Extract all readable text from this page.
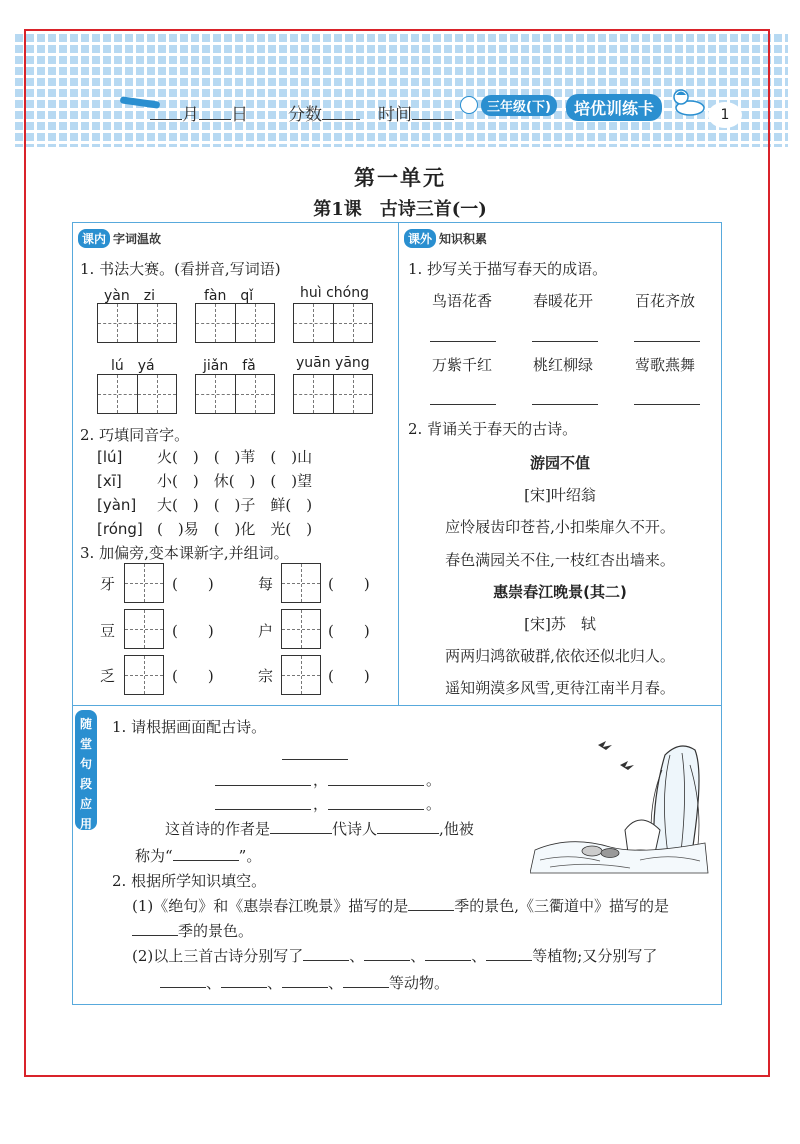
月 日 分数	时间	三年级(下)	培优训练卡	1
第一单元
第1课　古诗三首(一)
课内 字词温故
1. 书法大赛。(看拼音,写词语)
yàn　zi	fàn　qǐ	huì chóng
lú　yá	jiǎn　fǎ	yuān yāng
2. 巧填同音字。
[lú] 火(　)　(　)苇　(　)山
[xī] 小(　)　休(　)　(　)望
[yàn] 大(　)　(　)子　鲜(　)
[róng] (　)易　(　)化　光(　)
3. 加偏旁,变本课新字,并组词。
牙	(　　)	每	(　　)
豆	(　　)	户	(　　)
乏	(　　)	宗	(　　)
课外 知识积累
1. 抄写关于描写春天的成语。
鸟语花香	春暖花开	百花齐放
万紫千红	桃红柳绿	莺歌燕舞
2. 背诵关于春天的古诗。
游园不值
[宋]叶绍翁
应怜屐齿印苍苔,小扣柴扉久不开。
春色满园关不住,一枝红杏出墙来。
惠崇春江晚景(其二)
[宋]苏　轼
两两归鸿欲破群,依依还似北归人。
遥知朔漠多风雪,更待江南半月春。
随
堂
句
段
应
用
1. 请根据画面配古诗。
，	。
，	。
这首诗的作者是	代诗人	,他被
称为“	”。
2. 根据所学知识填空。
(1)《绝句》和《惠崇春江晚景》描写的是	季的景色,《三衢道中》描写的是
季的景色。
(2)以上三首古诗分别写了	、	、	、	等植物;又分别写了
、	、	、	等动物。
